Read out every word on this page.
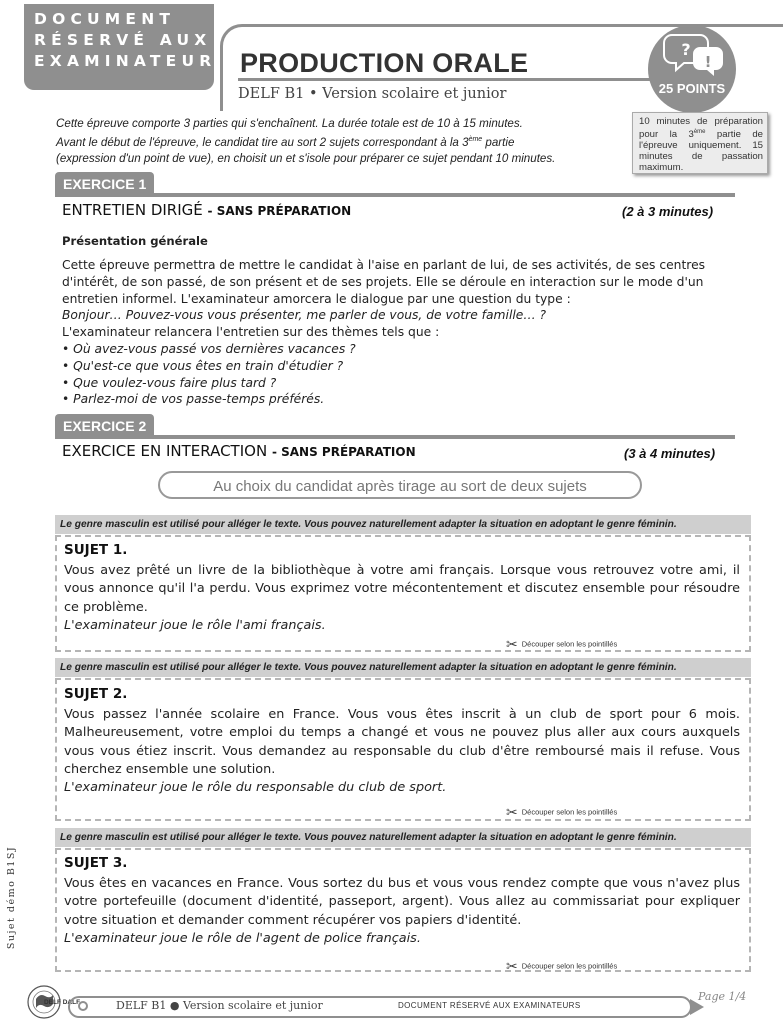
DOCUMENT
RÉSERVÉ AUX
EXAMINATEURS PRODUCTION ORALE
DELF B1 • Version scolaire et junior
?
!
25 POINTS
10 minutes de préparation pour la 3ème partie de l'épreuve uniquement. 15 minutes de passation maximum.
Cette épreuve comporte 3 parties qui s'enchaînent. La durée totale est de 10 à 15 minutes.
Avant le début de l'épreuve, le candidat tire au sort 2 sujets correspondant à la 3ème partie
(expression d'un point de vue), en choisit un et s'isole pour préparer ce sujet pendant 10 minutes.
EXERCICE 1
ENTRETIEN DIRIGÉ - SANS PRÉPARATION	(2 à 3 minutes)
Présentation générale
Cette épreuve permettra de mettre le candidat à l'aise en parlant de lui, de ses activités, de ses centres
d'intérêt, de son passé, de son présent et de ses projets. Elle se déroule en interaction sur le mode d'un
entretien informel. L'examinateur amorcera le dialogue par une question du type :
Bonjour… Pouvez-vous vous présenter, me parler de vous, de votre famille… ?
L'examinateur relancera l'entretien sur des thèmes tels que :
• Où avez-vous passé vos dernières vacances ?
• Qu'est-ce que vous êtes en train d'étudier ?
• Que voulez-vous faire plus tard ?
• Parlez-moi de vos passe-temps préférés.
EXERCICE 2
EXERCICE EN INTERACTION - SANS PRÉPARATION	(3 à 4 minutes)
Au choix du candidat après tirage au sort de deux sujets
Le genre masculin est utilisé pour alléger le texte. Vous pouvez naturellement adapter la situation en adoptant le genre féminin.
SUJET 1.
Vous avez prêté un livre de la bibliothèque à votre ami français. Lorsque vous retrouvez votre ami, il vous annonce qu'il l'a perdu. Vous exprimez votre mécontentement et discutez ensemble pour résoudre ce problème.
L'examinateur joue le rôle l'ami français.
✂ Découper selon les pointillés
Le genre masculin est utilisé pour alléger le texte. Vous pouvez naturellement adapter la situation en adoptant le genre féminin.
SUJET 2.
Vous passez l'année scolaire en France. Vous vous êtes inscrit à un club de sport pour 6 mois. Malheureusement, votre emploi du temps a changé et vous ne pouvez plus aller aux cours auxquels vous vous étiez inscrit. Vous demandez au responsable du club d'être remboursé mais il refuse. Vous cherchez ensemble une solution.
L'examinateur joue le rôle du responsable du club de sport.
✂ Découper selon les pointillés
Le genre masculin est utilisé pour alléger le texte. Vous pouvez naturellement adapter la situation en adoptant le genre féminin.
SUJET 3.
Vous êtes en vacances en France. Vous sortez du bus et vous vous rendez compte que vous n'avez plus votre portefeuille (document d'identité, passeport, argent). Vous allez au commissariat pour expliquer votre situation et demander comment récupérer vos papiers d'identité.
L'examinateur joue le rôle de l'agent de police français.
✂ Découper selon les pointillés
Sujet démo B1SJ
DELF DALF	DELF B1 ● Version scolaire et junior	DOCUMENT RÉSERVÉ AUX EXAMINATEURS
Page 1/4
